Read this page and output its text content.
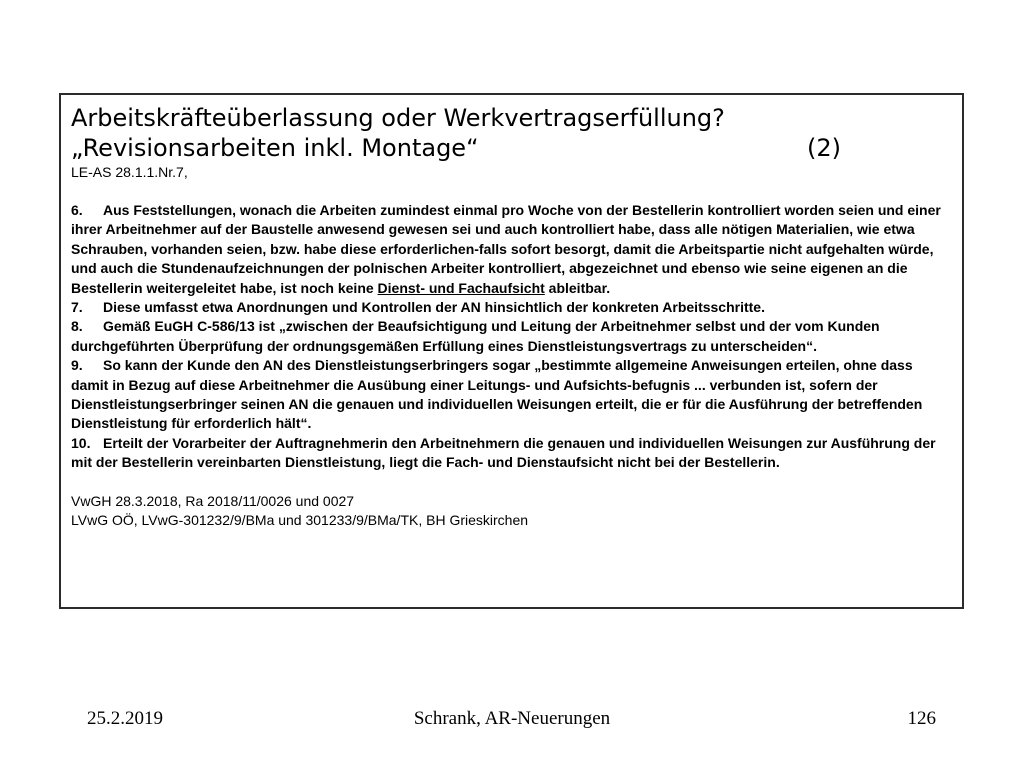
Arbeitskräfteüberlassung oder Werkvertragserfüllung?
„Revisionsarbeiten inkl. Montage“	(2)

LE-AS 28.1.1.Nr.7,

6. Aus Feststellungen, wonach die Arbeiten zumindest einmal pro Woche von der Bestellerin kontrolliert worden seien und einer ihrer Arbeitnehmer auf der Baustelle anwesend gewesen sei und auch kontrolliert habe, dass alle nötigen Materialien, wie etwa Schrauben, vorhanden seien, bzw. habe diese erforderlichen-falls sofort besorgt, damit die Arbeitspartie nicht aufgehalten würde, und auch die Stundenaufzeichnungen der polnischen Arbeiter kontrolliert, abgezeichnet und ebenso wie seine eigenen an die Bestellerin weitergeleitet habe, ist noch keine Dienst- und Fachaufsicht ableitbar.

7. Diese umfasst etwa Anordnungen und Kontrollen der AN hinsichtlich der konkreten Arbeitsschritte.

8. Gemäß EuGH C-586/13 ist „zwischen der Beaufsichtigung und Leitung der Arbeitnehmer selbst und der vom Kunden durchgeführten Überprüfung der ordnungsgemäßen Erfüllung eines Dienstleistungsvertrags zu unterscheiden“.

9. So kann der Kunde den AN des Dienstleistungserbringers sogar „bestimmte allgemeine Anweisungen erteilen, ohne dass damit in Bezug auf diese Arbeitnehmer die Ausübung einer Leitungs- und Aufsichts-befugnis ... verbunden ist, sofern der Dienstleistungserbringer seinen AN die genauen und individuellen Weisungen erteilt, die er für die Ausführung der betreffenden Dienstleistung für erforderlich hält“.

10. Erteilt der Vorarbeiter der Auftragnehmerin den Arbeitnehmern die genauen und individuellen Weisungen zur Ausführung der mit der Bestellerin vereinbarten Dienstleistung, liegt die Fach- und Dienstaufsicht nicht bei der Bestellerin.

VwGH 28.3.2018, Ra 2018/11/0026 und 0027

LVwG OÖ, LVwG-301232/9/BMa und 301233/9/BMa/TK, BH Grieskirchen

25.2.2019	Schrank, AR-Neuerungen	126
